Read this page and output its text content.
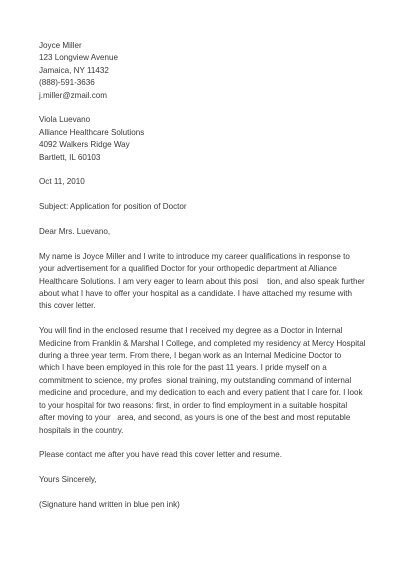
Joyce Miller
123 Longview Avenue
Jamaica, NY 11432
(888)-591-3636
j.miller@zmail.com
Viola Luevano
Alliance Healthcare Solutions
4092 Walkers Ridge Way
Bartlett, IL 60103
Oct 11, 2010
Subject: Application for position of Doctor
Dear Mrs. Luevano,
My name is Joyce Miller and I write to introduce my career qualifications in response to
your advertisement for a qualified Doctor for your orthopedic department at Alliance
Healthcare Solutions. I am very eager to learn about this posi    tion, and also speak further
about what I have to offer your hospital as a candidate. I have attached my resume with
this cover letter.
You will find in the enclosed resume that I received my degree as a Doctor in Internal
Medicine from Franklin & Marshal l College, and completed my residency at Mercy Hospital
during a three year term. From there, I began work as an Internal Medicine Doctor to
which I have been employed in this role for the past 11 years. I pride myself on a
commitment to science, my profes  sional training, my outstanding command of internal
medicine and procedure, and my dedication to each and every patient that I care for. I look
to your hospital for two reasons: first, in order to find employment in a suitable hospital
after moving to your   area, and second, as yours is one of the best and most reputable
hospitals in the country.
Please contact me after you have read this cover letter and resume.
Yours Sincerely,
(Signature hand written in blue pen ink)
